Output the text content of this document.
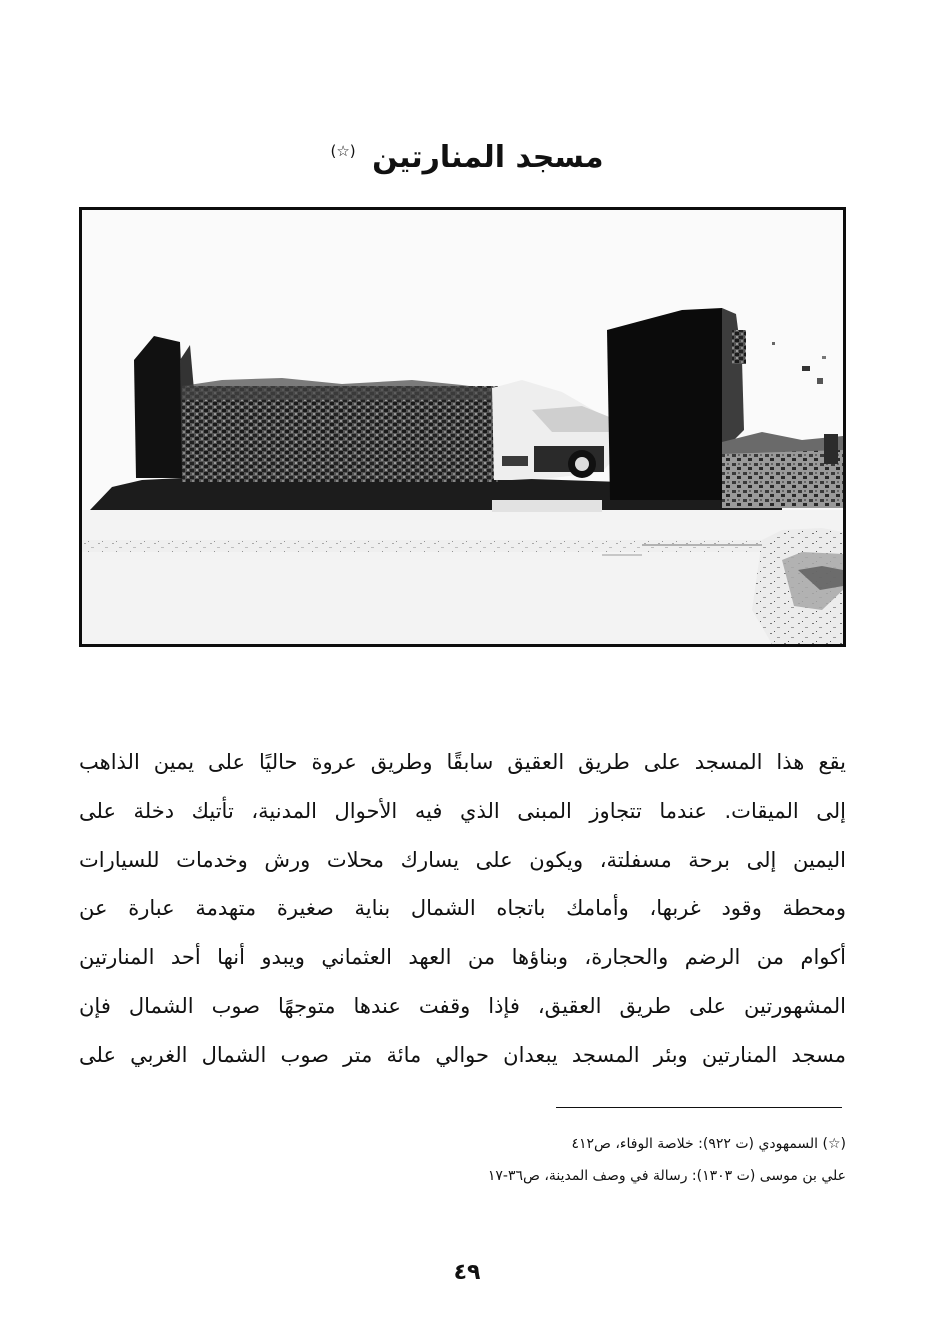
مسجد المنارتين (☆)
يقع هذا المسجد على طريق العقيق سابقًا وطريق عروة حاليًا على يمين الذاهب
إلى الميقات. عندما تتجاوز المبنى الذي فيه الأحوال المدنية، تأتيك دخلة على
اليمين إلى برحة مسفلتة، ويكون على يسارك محلات ورش وخدمات للسيارات
ومحطة وقود غربها، وأمامك باتجاه الشمال بناية صغيرة متهدمة عبارة عن
أكوام من الرضم والحجارة، وبناؤها من العهد العثماني ويبدو أنها أحد المنارتين
المشهورتين على طريق العقيق، فإذا وقفت عندها متوجهًا صوب الشمال فإن
مسجد المنارتين وبئر المسجد يبعدان حوالي مائة متر صوب الشمال الغربي على
(☆) السمهودي (ت ٩٢٢): خلاصة الوفاء، ص٤١٢
علي بن موسى (ت ١٣٠٣): رسالة في وصف المدينة، ص٣٦-١٧
٤٩
